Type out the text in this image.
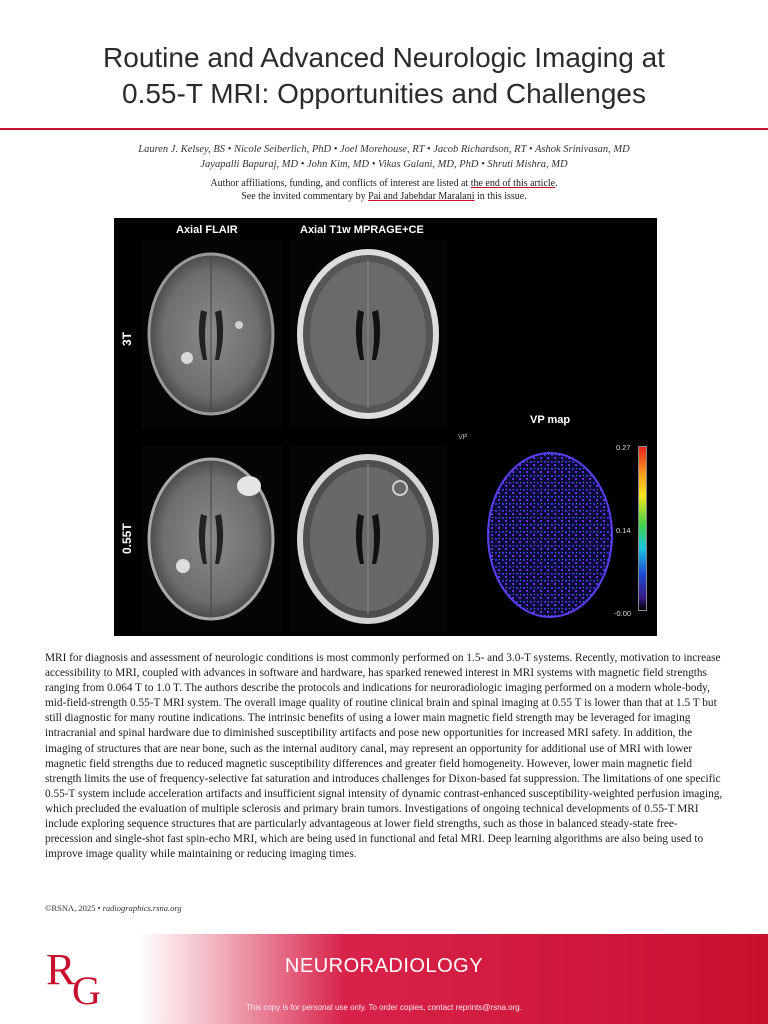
Routine and Advanced Neurologic Imaging at
0.55-T MRI: Opportunities and Challenges
Lauren J. Kelsey, BS • Nicole Seiberlich, PhD • Joel Morehouse, RT • Jacob Richardson, RT • Ashok Srinivasan, MD
Jayapalli Bapuraj, MD • John Kim, MD • Vikas Gulani, MD, PhD • Shruti Mishra, MD
Author affiliations, funding, and conflicts of interest are listed at the end of this article.
See the invited commentary by Pai and Jabehdar Maralani in this issue.
Axial FLAIR	Axial T1w MPRAGE+CE
3T
0.55T
VP map
VP
0.27
0.14
-0.00
MRI for diagnosis and assessment of neurologic conditions is most commonly performed on 1.5- and 3.0-T systems. Recently, motivation to increase accessibility to MRI, coupled with advances in software and hardware, has sparked renewed interest in MRI systems with magnetic field strengths ranging from 0.064 T to 1.0 T. The authors describe the protocols and indications for neuroradiologic imaging performed on a modern whole-body, mid-field-strength 0.55-T MRI system. The overall image quality of routine clinical brain and spinal imaging at 0.55 T is lower than that at 1.5 T but still diagnostic for many routine indications. The intrinsic benefits of using a lower main magnetic field strength may be leveraged for imaging intracranial and spinal hardware due to diminished susceptibility artifacts and pose new opportunities for increased MRI safety. In addition, the imaging of structures that are near bone, such as the internal auditory canal, may represent an opportunity for additional use of MRI with lower magnetic field strengths due to reduced magnetic susceptibility differences and greater field homogeneity. However, lower main magnetic field strength limits the use of frequency-selective fat saturation and introduces challenges for Dixon-based fat suppression. The limitations of one specific 0.55-T system include acceleration artifacts and insufficient signal intensity of dynamic contrast-enhanced susceptibility-weighted perfusion imaging, which precluded the evaluation of multiple sclerosis and primary brain tumors. Investigations of ongoing technical developments of 0.55-T MRI include exploring sequence structures that are particularly advantageous at lower field strengths, such as those in balanced steady-state free-precession and single-shot fast spin-echo MRI, which are being used in functional and fetal MRI. Deep learning algorithms are also being used to improve image quality while maintaining or reducing imaging times.
©RSNA, 2025 • radiographics.rsna.org
R
G
NEURORADIOLOGY
This copy is for personal use only. To order copies, contact reprints@rsna.org.
